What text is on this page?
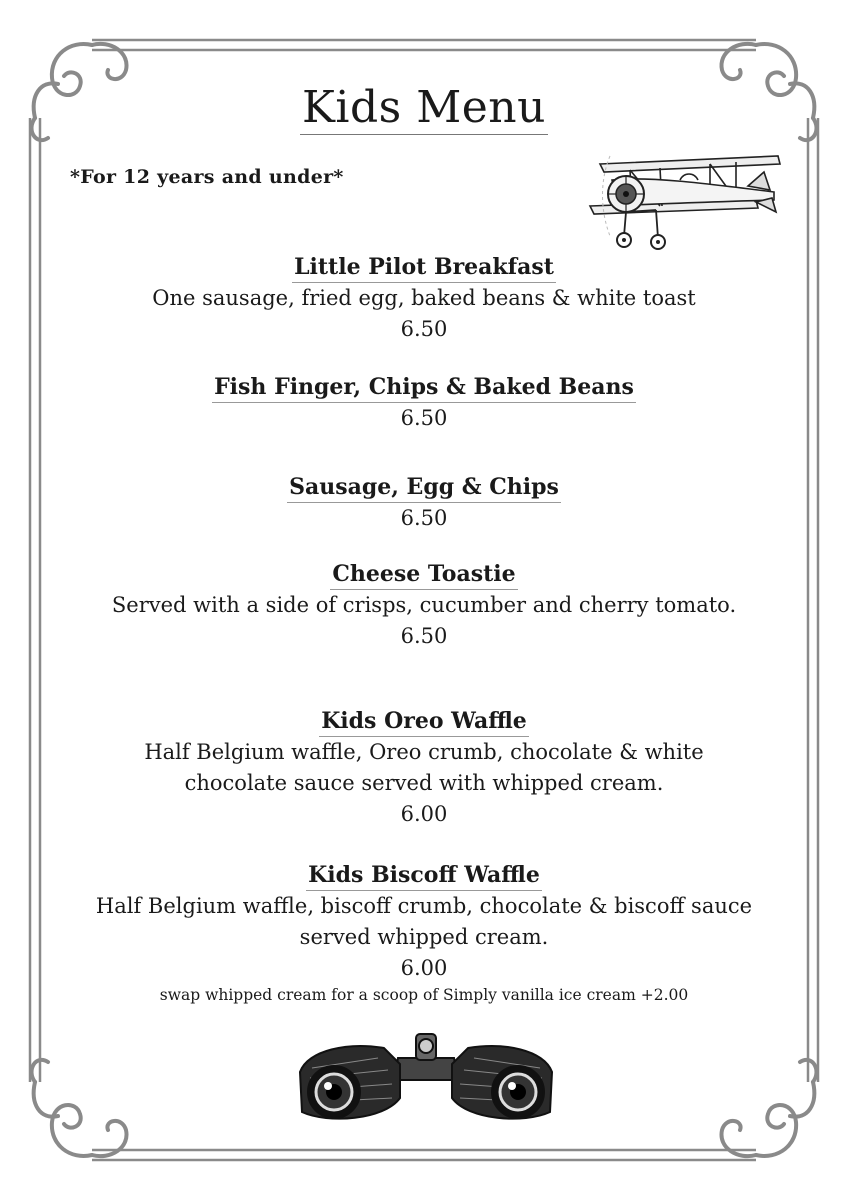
Kids Menu
*For 12 years and under*
Little Pilot Breakfast
One sausage, fried egg, baked beans & white toast
6.50
Fish Finger, Chips & Baked Beans
6.50
Sausage, Egg & Chips
6.50
Cheese Toastie
Served with a side of crisps, cucumber and cherry tomato.
6.50
Kids Oreo Waffle
Half Belgium waffle, Oreo crumb, chocolate & white chocolate sauce served with whipped cream.
6.00
Kids Biscoff Waffle
Half Belgium waffle, biscoff crumb, chocolate & biscoff sauce served whipped cream.
6.00
swap whipped cream for a scoop of Simply vanilla ice cream +2.00
